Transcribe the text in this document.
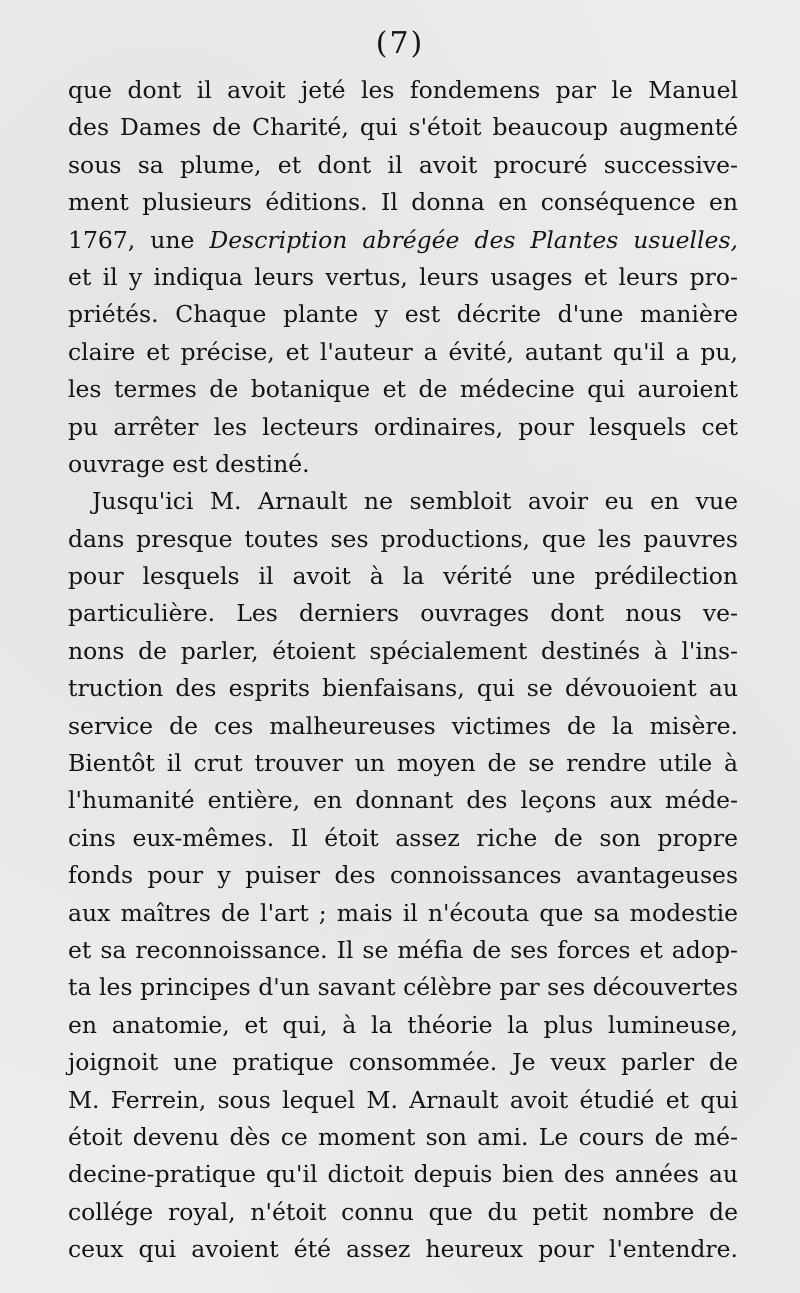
(7)
que dont il avoit jeté les fondemens par le Manuel
des Dames de Charité, qui s'étoit beaucoup augmenté
sous sa plume, et dont il avoit procuré successive-
ment plusieurs éditions. Il donna en conséquence en
1767, une Description abrégée des Plantes usuelles,
et il y indiqua leurs vertus, leurs usages et leurs pro-
priétés. Chaque plante y est décrite d'une manière
claire et précise, et l'auteur a évité, autant qu'il a pu,
les termes de botanique et de médecine qui auroient
pu arrêter les lecteurs ordinaires, pour lesquels cet
ouvrage est destiné.
Jusqu'ici M. Arnault ne sembloit avoir eu en vue
dans presque toutes ses productions, que les pauvres
pour lesquels il avoit à la vérité une prédilection
particulière. Les derniers ouvrages dont nous ve-
nons de parler, étoient spécialement destinés à l'ins-
truction des esprits bienfaisans, qui se dévouoient au
service de ces malheureuses victimes de la misère.
Bientôt il crut trouver un moyen de se rendre utile à
l'humanité entière, en donnant des leçons aux méde-
cins eux-mêmes. Il étoit assez riche de son propre
fonds pour y puiser des connoissances avantageuses
aux maîtres de l'art ; mais il n'écouta que sa modestie
et sa reconnoissance. Il se méfia de ses forces et adop-
ta les principes d'un savant célèbre par ses découvertes
en anatomie, et qui, à la théorie la plus lumineuse,
joignoit une pratique consommée. Je veux parler de
M. Ferrein, sous lequel M. Arnault avoit étudié et qui
étoit devenu dès ce moment son ami. Le cours de mé-
decine-pratique qu'il dictoit depuis bien des années au
collége royal, n'étoit connu que du petit nombre de
ceux qui avoient été assez heureux pour l'entendre.
